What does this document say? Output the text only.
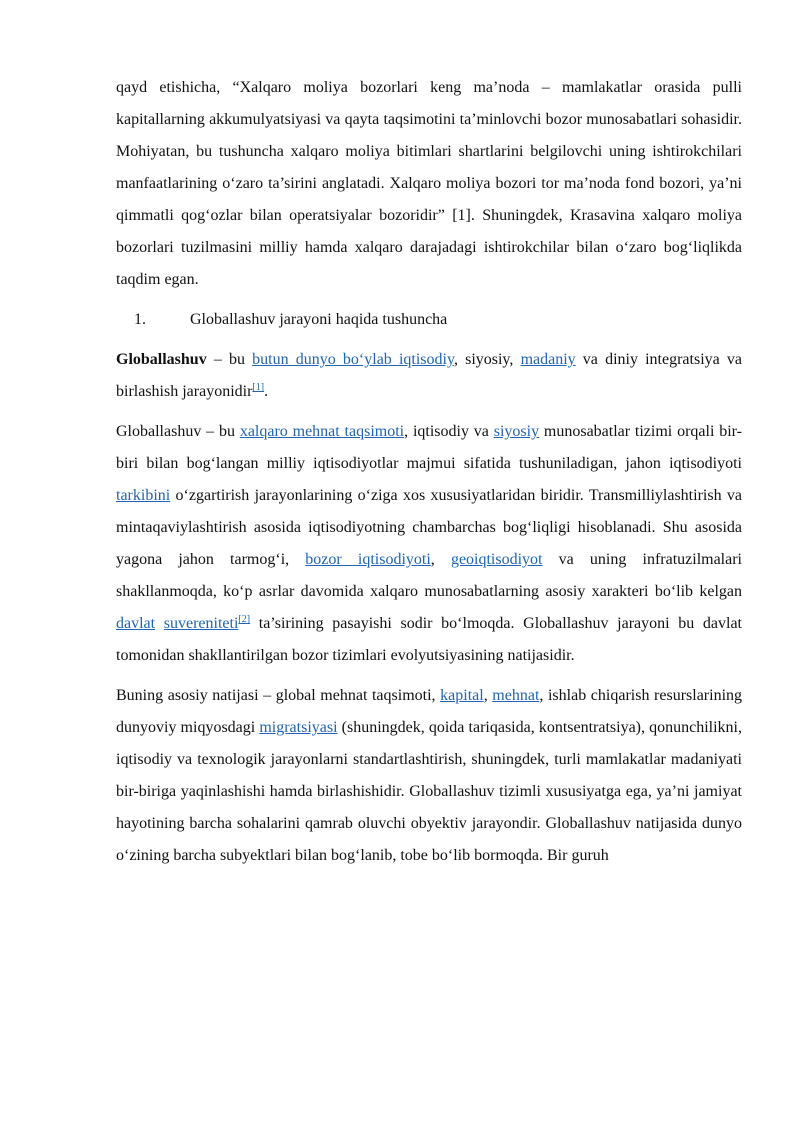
qayd etishicha, “Xalqaro moliya bozorlari keng ma’noda – mamlakatlar orasida pulli kapitallarning akkumulyatsiyasi va qayta taqsimotini ta’minlovchi bozor munosabatlari sohasidir. Mohiyatan, bu tushuncha xalqaro moliya bitimlari shartlarini belgilovchi uning ishtirokchilari manfaatlarining o‘zaro ta’sirini anglatadi. Xalqaro moliya bozori tor ma’noda fond bozori, ya’ni qimmatli qog‘ozlar bilan operatsiyalar bozoridir” [1]. Shuningdek, Krasavina xalqaro moliya bozorlari tuzilmasini milliy hamda xalqaro darajadagi ishtirokchilar bilan o‘zaro bog‘liqlikda taqdim egan.

1.	Globallashuv jarayoni haqida tushuncha

Globallashuv – bu butun dunyo bo‘ylab iqtisodiy, siyosiy, madaniy va diniy integratsiya va birlashish jarayonidir[1].

Globallashuv – bu xalqaro mehnat taqsimoti, iqtisodiy va siyosiy munosabatlar tizimi orqali bir-biri bilan bog‘langan milliy iqtisodiyotlar majmui sifatida tushuniladigan, jahon iqtisodiyoti tarkibini o‘zgartirish jarayonlarining o‘ziga xos xususiyatlaridan biridir. Transmilliylashtirish va mintaqaviylashtirish asosida iqtisodiyotning chambarchas bog‘liqligi hisoblanadi. Shu asosida yagona jahon tarmog‘i, bozor iqtisodiyoti, geoiqtisodiyot va uning infratuzilmalari shakllanmoqda, ko‘p asrlar davomida xalqaro munosabatlarning asosiy xarakteri bo‘lib kelgan davlat suvereniteti[2] ta’sirining pasayishi sodir bo‘lmoqda. Globallashuv jarayoni bu davlat tomonidan shakllantirilgan bozor tizimlari evolyutsiyasining natijasidir.

Buning asosiy natijasi – global mehnat taqsimoti, kapital, mehnat, ishlab chiqarish resurslarining dunyoviy miqyosdagi migratsiyasi (shuningdek, qoida tariqasida, kontsentratsiya), qonunchilikni, iqtisodiy va texnologik jarayonlarni standartlashtirish, shuningdek, turli mamlakatlar madaniyati bir-biriga yaqinlashishi hamda birlashishidir. Globallashuv tizimli xususiyatga ega, ya’ni jamiyat hayotining barcha sohalarini qamrab oluvchi obyektiv jarayondir. Globallashuv natijasida dunyo o‘zining barcha subyektlari bilan bog‘lanib, tobe bo‘lib bormoqda. Bir guruh
